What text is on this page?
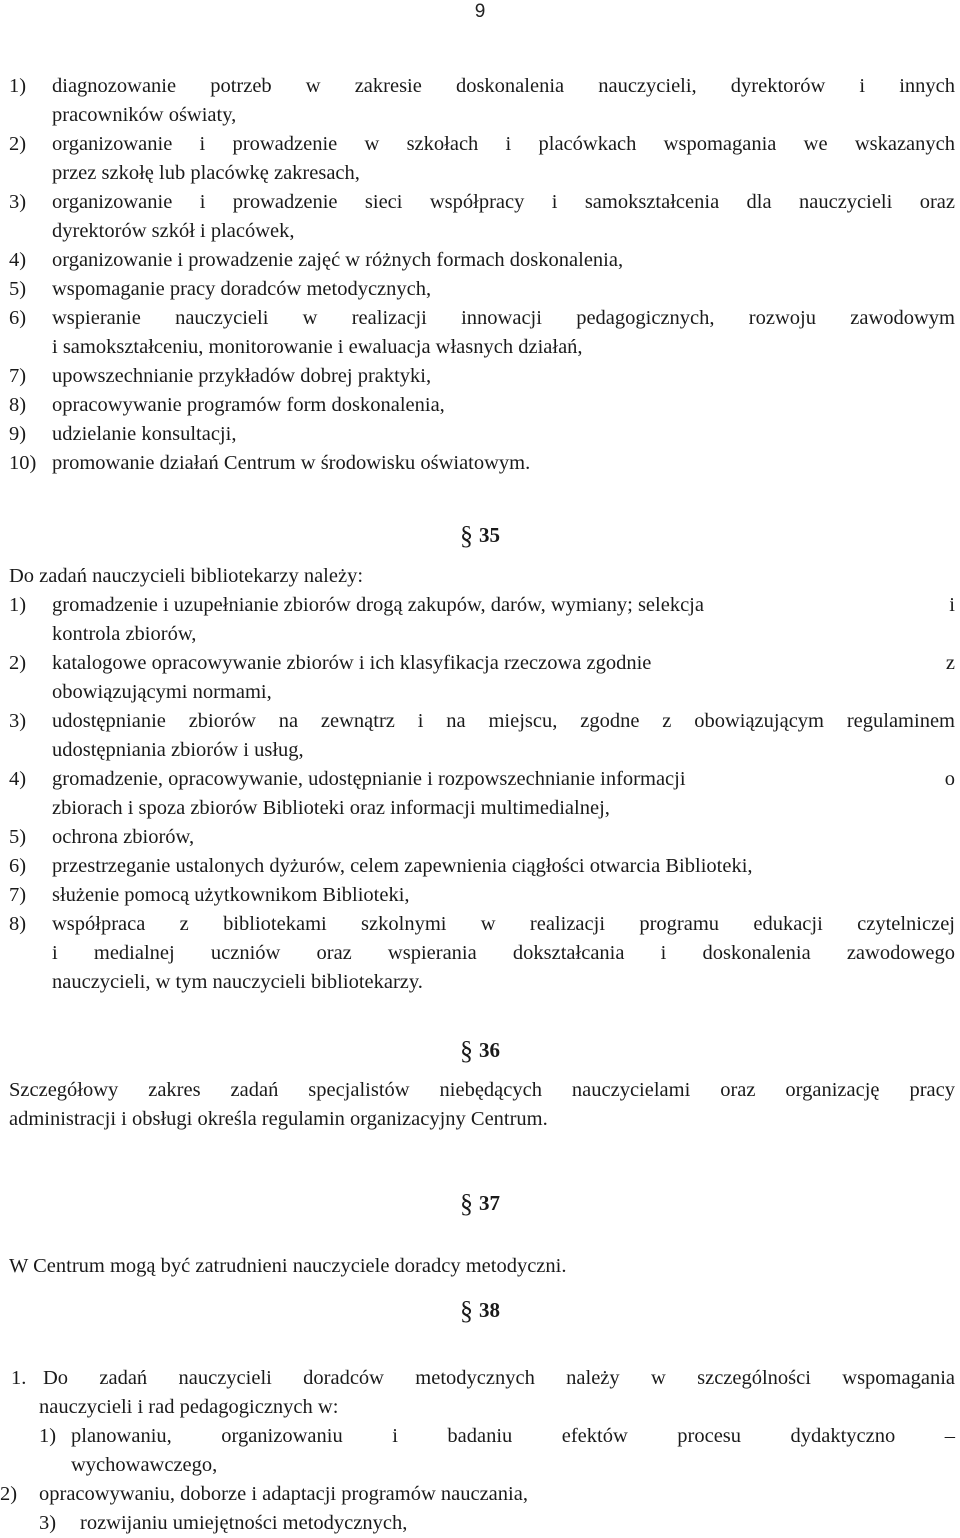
9
1) diagnozowanie potrzeb w zakresie doskonalenia nauczycieli, dyrektorów i innych
pracowników oświaty,
2) organizowanie i prowadzenie w szkołach i placówkach wspomagania we wskazanych
przez szkołę lub placówkę zakresach,
3) organizowanie i prowadzenie sieci współpracy i samokształcenia dla nauczycieli oraz
dyrektorów szkół i placówek,
4) organizowanie i prowadzenie zajęć w różnych formach doskonalenia,
5) wspomaganie pracy doradców metodycznych,
6) wspieranie nauczycieli w realizacji innowacji pedagogicznych, rozwoju zawodowym
i samokształceniu, monitorowanie i ewaluacja własnych działań,
7) upowszechnianie przykładów dobrej praktyki,
8) opracowywanie programów form doskonalenia,
9) udzielanie konsultacji,
10) promowanie działań Centrum w środowisku oświatowym.
§ 35
Do zadań nauczycieli bibliotekarzy należy:
1) gromadzenie i uzupełnianie zbiorów drogą zakupów, darów, wymiany; selekcja	i
kontrola zbiorów,
2) katalogowe opracowywanie zbiorów i ich klasyfikacja rzeczowa zgodnie	z
obowiązującymi normami,
3) udostępnianie zbiorów na zewnątrz i na miejscu, zgodne z obowiązującym regulaminem
udostępniania zbiorów i usług,
4) gromadzenie, opracowywanie, udostępnianie i rozpowszechnianie informacji	o
zbiorach i spoza zbiorów Biblioteki oraz informacji multimedialnej,
5) ochrona zbiorów,
6) przestrzeganie ustalonych dyżurów, celem zapewnienia ciągłości otwarcia Biblioteki,
7) służenie pomocą użytkownikom Biblioteki,
8) współpraca z bibliotekami szkolnymi w realizacji programu edukacji czytelniczej
i medialnej uczniów oraz wspierania dokształcania i doskonalenia zawodowego
nauczycieli, w tym nauczycieli bibliotekarzy.
§ 36
Szczegółowy zakres zadań specjalistów niebędących nauczycielami oraz organizację pracy
administracji i obsługi określa regulamin organizacyjny Centrum.
§ 37
W Centrum mogą być zatrudnieni nauczyciele doradcy metodyczni.
§ 38
1. Do zadań nauczycieli doradców metodycznych należy w szczególności wspomagania
nauczycieli i rad pedagogicznych w:
1) planowaniu, organizowaniu i badaniu efektów procesu dydaktyczno –
wychowawczego,
2) opracowywaniu, doborze i adaptacji programów nauczania,
3) rozwijaniu umiejętności metodycznych,
